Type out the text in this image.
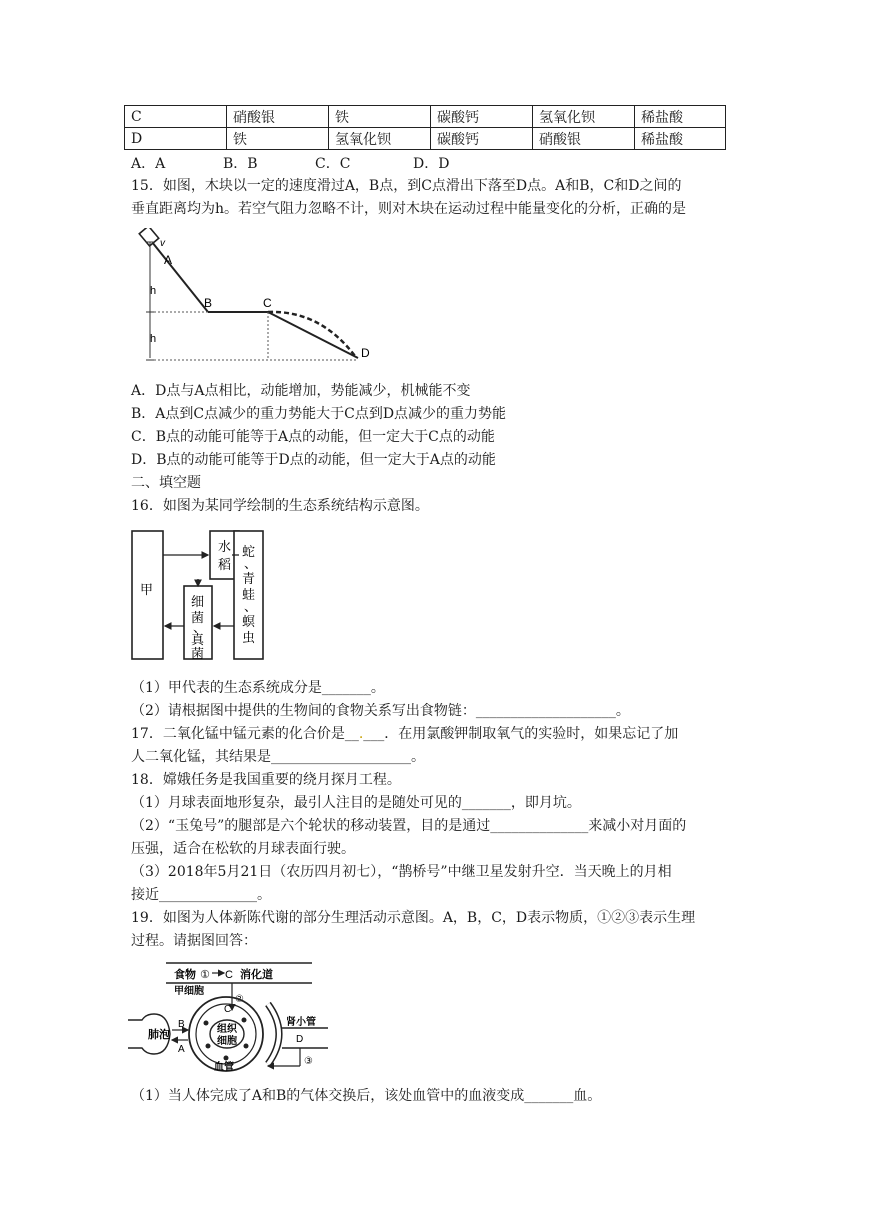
C	硝酸银	铁	碳酸钙	氢氧化钡	稀盐酸
D	铁	氢氧化钡	碳酸钙	硝酸银	稀盐酸
A．A	B．B	C．C	D．D
15．如图，木块以一定的速度滑过A，B点，到C点滑出下落至D点。A和B，C和D之间的
垂直距离均为h。若空气阻力忽略不计，则对木块在运动过程中能量变化的分析，正确的是
v
A
B	C
D
h
h
A．D点与A点相比，动能增加，势能减少，机械能不变
B．A点到C点减少的重力势能大于C点到D点减少的重力势能
C．B点的动能可能等于A点的动能，但一定大于C点的动能
D．B点的动能可能等于D点的动能，但一定大于A点的动能
二、填空题
16．如图为某同学绘制的生态系统结构示意图。
甲
水
稻
蛇
、
青
蛙
、
螟
虫
细
菌
、
真
菌
（1）甲代表的生态系统成分是_______。
（2）请根据图中提供的生物间的食物关系写出食物链：____________________。
17．二氧化锰中锰元素的化合价是__.___．在用氯酸钾制取氧气的实验时，如果忘记了加
人二氧化锰，其结果是____________________。
18．嫦娥任务是我国重要的绕月探月工程。
（1）月球表面地形复杂，最引人注目的是随处可见的_______，即月坑。
（2）“玉兔号”的腿部是六个轮状的移动装置，目的是通过______________来减小对月面的
压强，适合在松软的月球表面行驶。
（3）2018年5月21日（农历四月初七），“鹊桥号”中继卫星发射升空．当天晚上的月相
接近______________。
19．如图为人体新陈代谢的部分生理活动示意图。A，B，C，D表示物质，①②③表示生理
过程。请据图回答：
食物 ① C 消化道
甲细胞
②
C
组织
细胞
血管
肺泡
B
A
肾小管
D
③
（1）当人体完成了A和B的气体交换后，该处血管中的血液变成_______血。
